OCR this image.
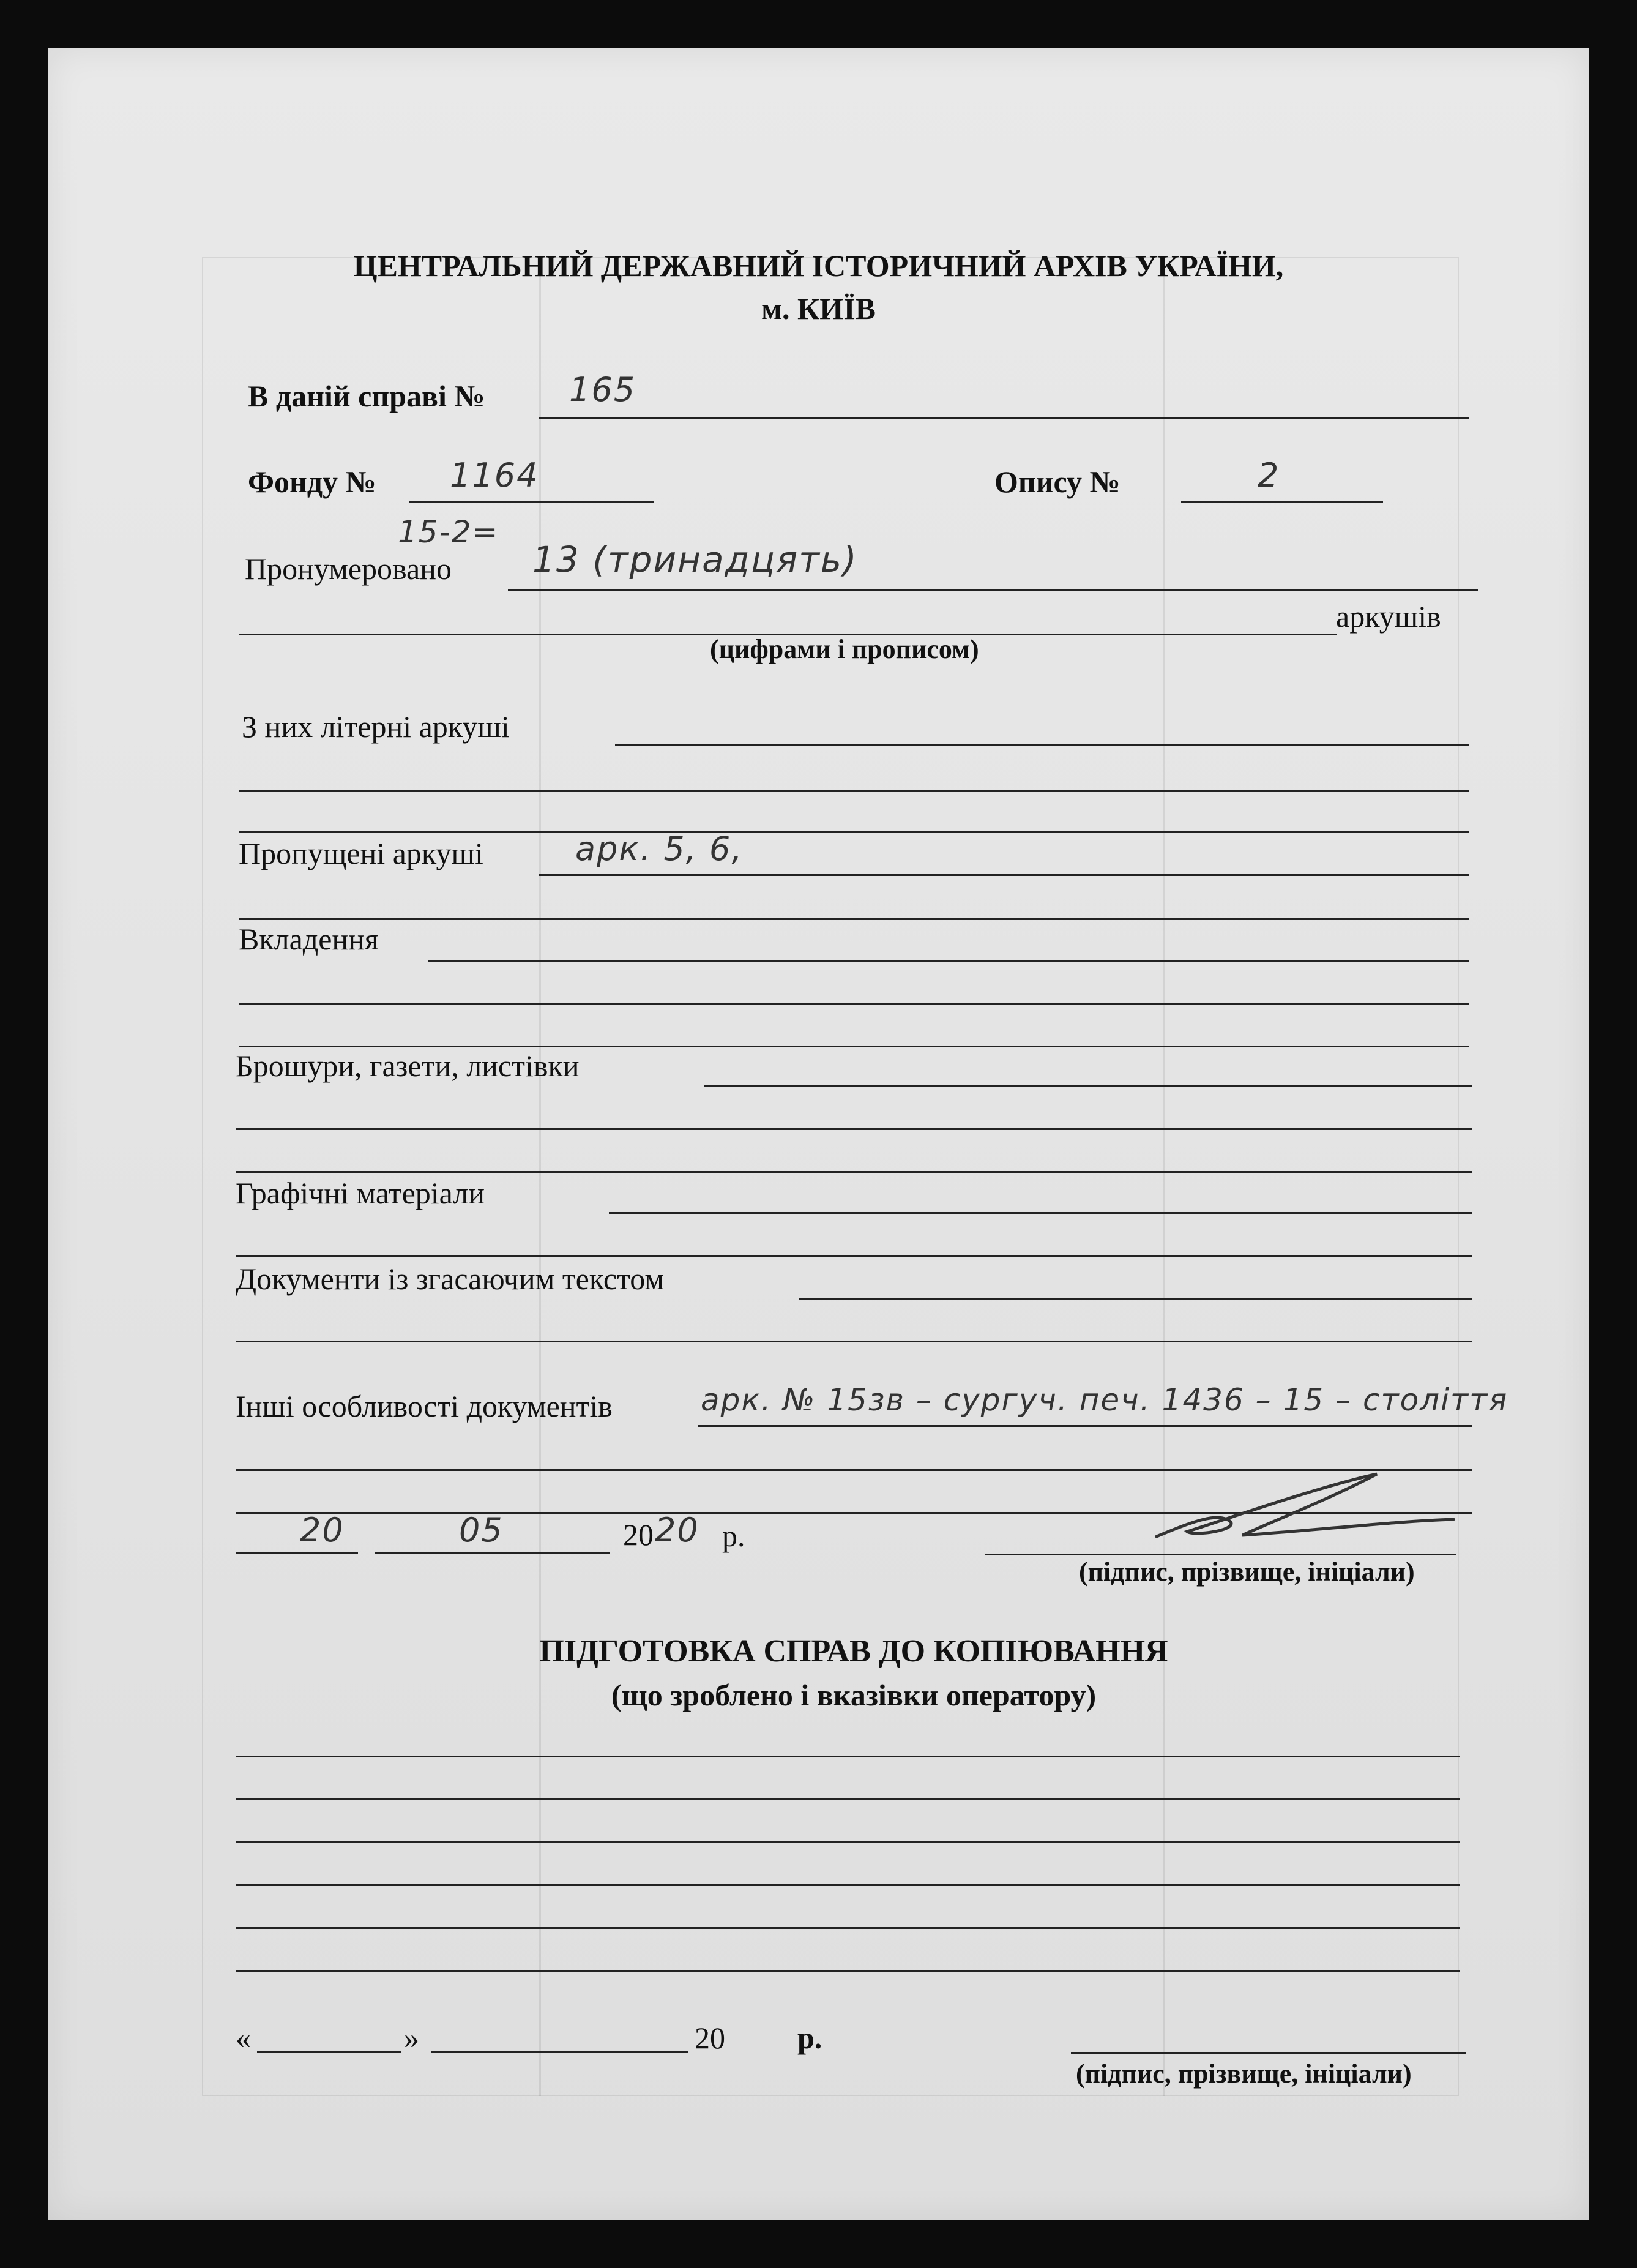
ЦЕНТРАЛЬНИЙ ДЕРЖАВНИЙ ІСТОРИЧНИЙ АРХІВ УКРАЇНИ,
м. КИЇВ
В даній справі №	165
Фонду № 1164	Опису №	2
15-2=
Пронумеровано 13 (тринадцять)
аркушів
(цифрами і прописом)
З них літерні аркуші
Пропущені аркуші	арк. 5, 6,
Вкладення
Брошури, газети, листівки
Графічні матеріали
Документи із згасаючим текстом
Інші особливості документів	арк. № 15зв – сургуч. печ. 1436 – 15 – століття
20	05	20 20 р.
(підпис, прізвище, ініціали)
ПІДГОТОВКА СПРАВ ДО КОПІЮВАННЯ
(що зроблено і вказівки оператору)
«	»	20 р.
(підпис, прізвище, ініціали)
